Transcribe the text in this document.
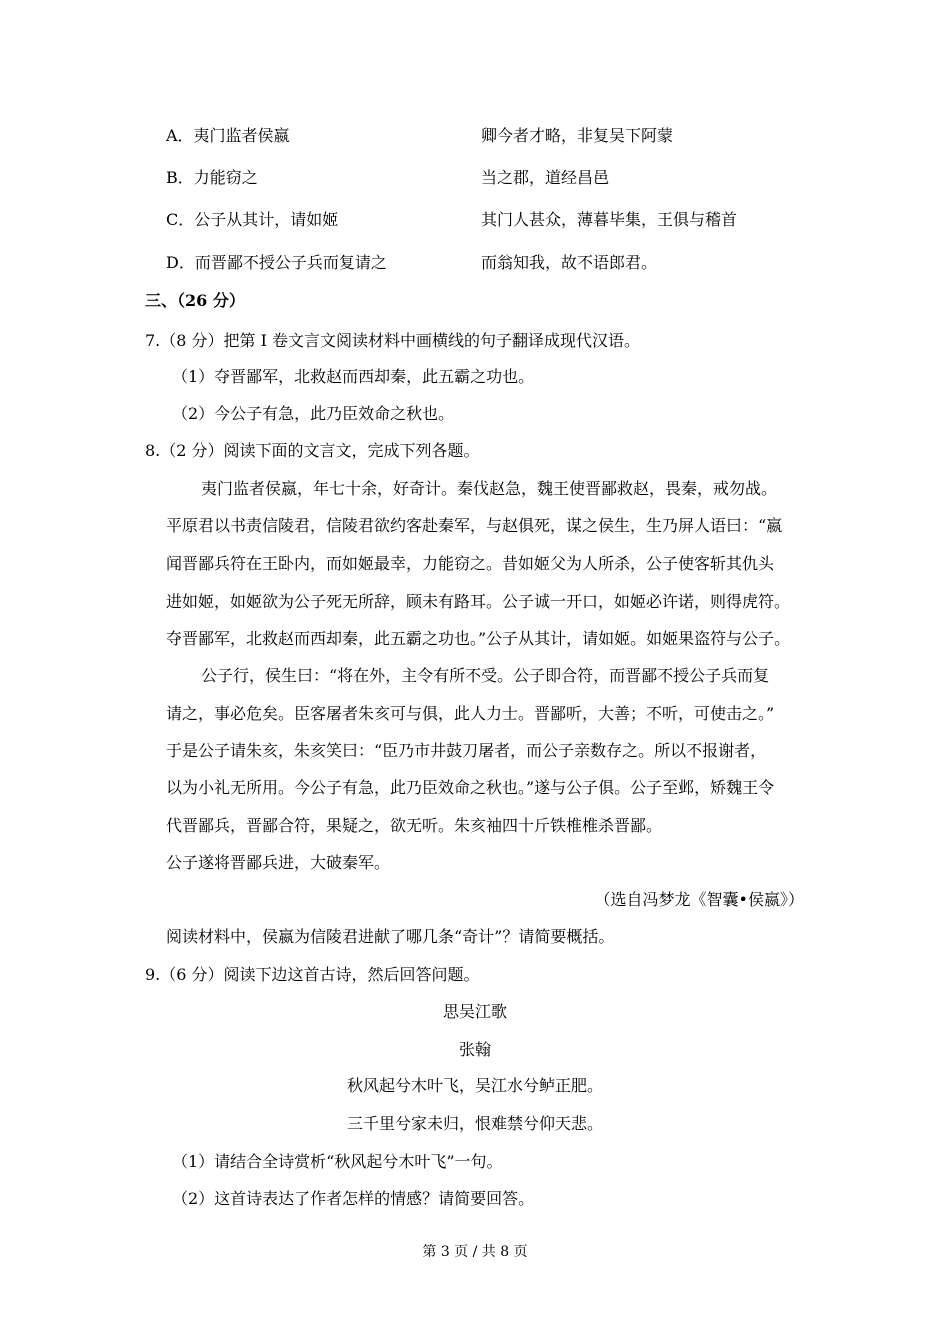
A．夷门监者侯嬴	卿今者才略，非复吴下阿蒙
B．力能窃之	当之郡，道经昌邑
C．公子从其计，请如姬	其门人甚众，薄暮毕集，王俱与稽首
D．而晋鄙不授公子兵而复请之	而翁知我，故不语郎君。
三、（26 分）
7.（8 分）把第 I 卷文言文阅读材料中画横线的句子翻译成现代汉语。
（1）夺晋鄙军，北救赵而西却秦，此五霸之功也。
（2）今公子有急，此乃臣效命之秋也。
8.（2 分）阅读下面的文言文，完成下列各题。
夷门监者侯嬴，年七十余，好奇计。秦伐赵急，魏王使晋鄙救赵，畏秦，戒勿战。
平原君以书责信陵君，信陵君欲约客赴秦军，与赵俱死，谋之侯生，生乃屏人语曰：“嬴
闻晋鄙兵符在王卧内，而如姬最幸，力能窃之。昔如姬父为人所杀，公子使客斩其仇头
进如姬，如姬欲为公子死无所辞，顾未有路耳。公子诚一开口，如姬必许诺，则得虎符。
夺晋鄙军，北救赵而西却秦，此五霸之功也。”公子从其计，请如姬。如姬果盗符与公子。
公子行，侯生曰：“将在外，主令有所不受。公子即合符，而晋鄙不授公子兵而复
请之，事必危矣。臣客屠者朱亥可与俱，此人力士。晋鄙听，大善；不听，可使击之。”
于是公子请朱亥，朱亥笑曰：“臣乃市井鼓刀屠者，而公子亲数存之。所以不报谢者，
以为小礼无所用。今公子有急，此乃臣效命之秋也。”遂与公子俱。公子至邺，矫魏王令
代晋鄙兵，晋鄙合符，果疑之，欲无听。朱亥袖四十斤铁椎椎杀晋鄙。
公子遂将晋鄙兵进，大破秦军。
（选自冯梦龙《智囊•侯嬴》）
阅读材料中，侯嬴为信陵君进献了哪几条“奇计”？请简要概括。
9.（6 分）阅读下边这首古诗，然后回答问题。
思吴江歌
张翰
秋风起兮木叶飞，吴江水兮鲈正肥。
三千里兮家未归，恨难禁兮仰天悲。
（1）请结合全诗赏析“秋风起兮木叶飞”一句。
（2）这首诗表达了作者怎样的情感？请简要回答。
第 3 页 / 共 8 页
